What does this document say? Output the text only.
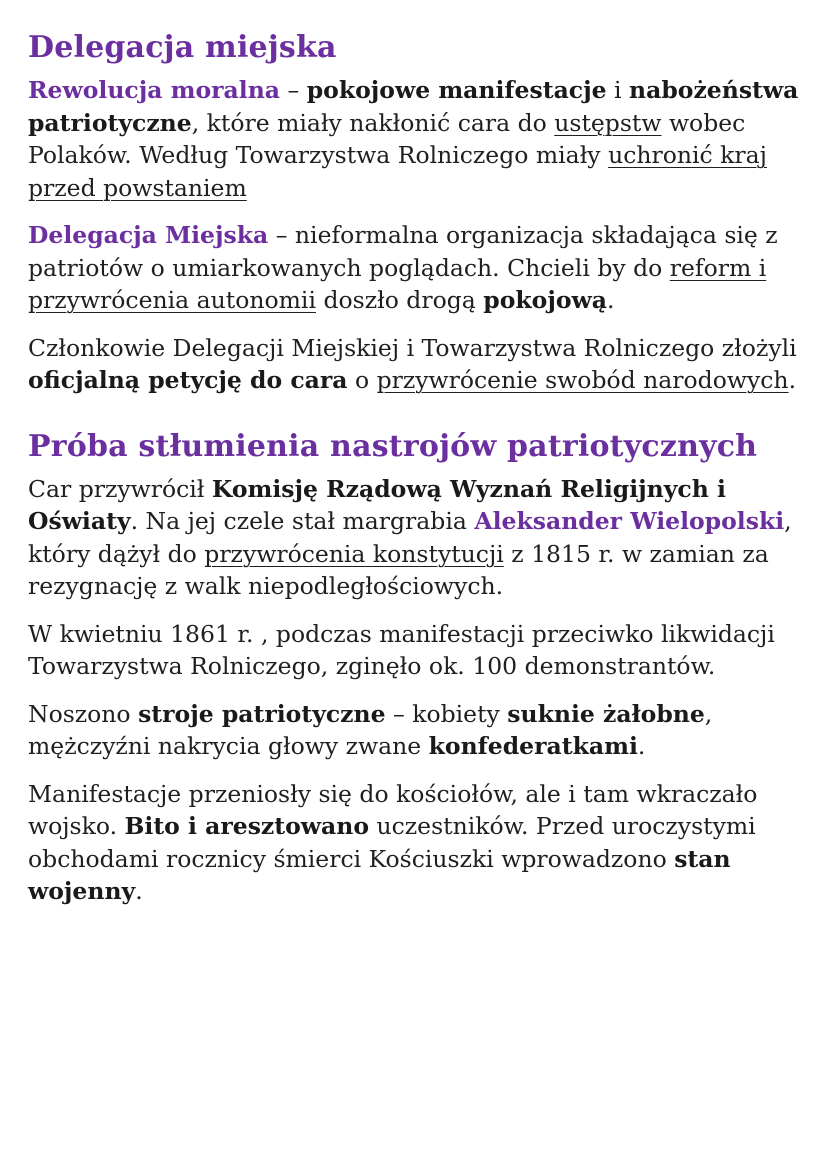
Delegacja miejska

Rewolucja moralna – pokojowe manifestacje i nabożeństwa patriotyczne, które miały nakłonić cara do ustępstw wobec Polaków. Według Towarzystwa Rolniczego miały uchronić kraj przed powstaniem

Delegacja Miejska – nieformalna organizacja składająca się z patriotów o umiarkowanych poglądach. Chcieli by do reform i przywrócenia autonomii doszło drogą pokojową.

Członkowie Delegacji Miejskiej i Towarzystwa Rolniczego złożyli oficjalną petycję do cara o przywrócenie swobód narodowych.

Próba stłumienia nastrojów patriotycznych

Car przywrócił Komisję Rządową Wyznań Religijnych i Oświaty. Na jej czele stał margrabia Aleksander Wielopolski, który dążył do przywrócenia konstytucji z 1815 r. w zamian za rezygnację z walk niepodległościowych.

W kwietniu 1861 r. , podczas manifestacji przeciwko likwidacji Towarzystwa Rolniczego, zginęło ok. 100 demonstrantów.

Noszono stroje patriotyczne – kobiety suknie żałobne, mężczyźni nakrycia głowy zwane konfederatkami.

Manifestacje przeniosły się do kościołów, ale i tam wkraczało wojsko. Bito i aresztowano uczestników. Przed uroczystymi obchodami rocznicy śmierci Kościuszki wprowadzono stan wojenny.
